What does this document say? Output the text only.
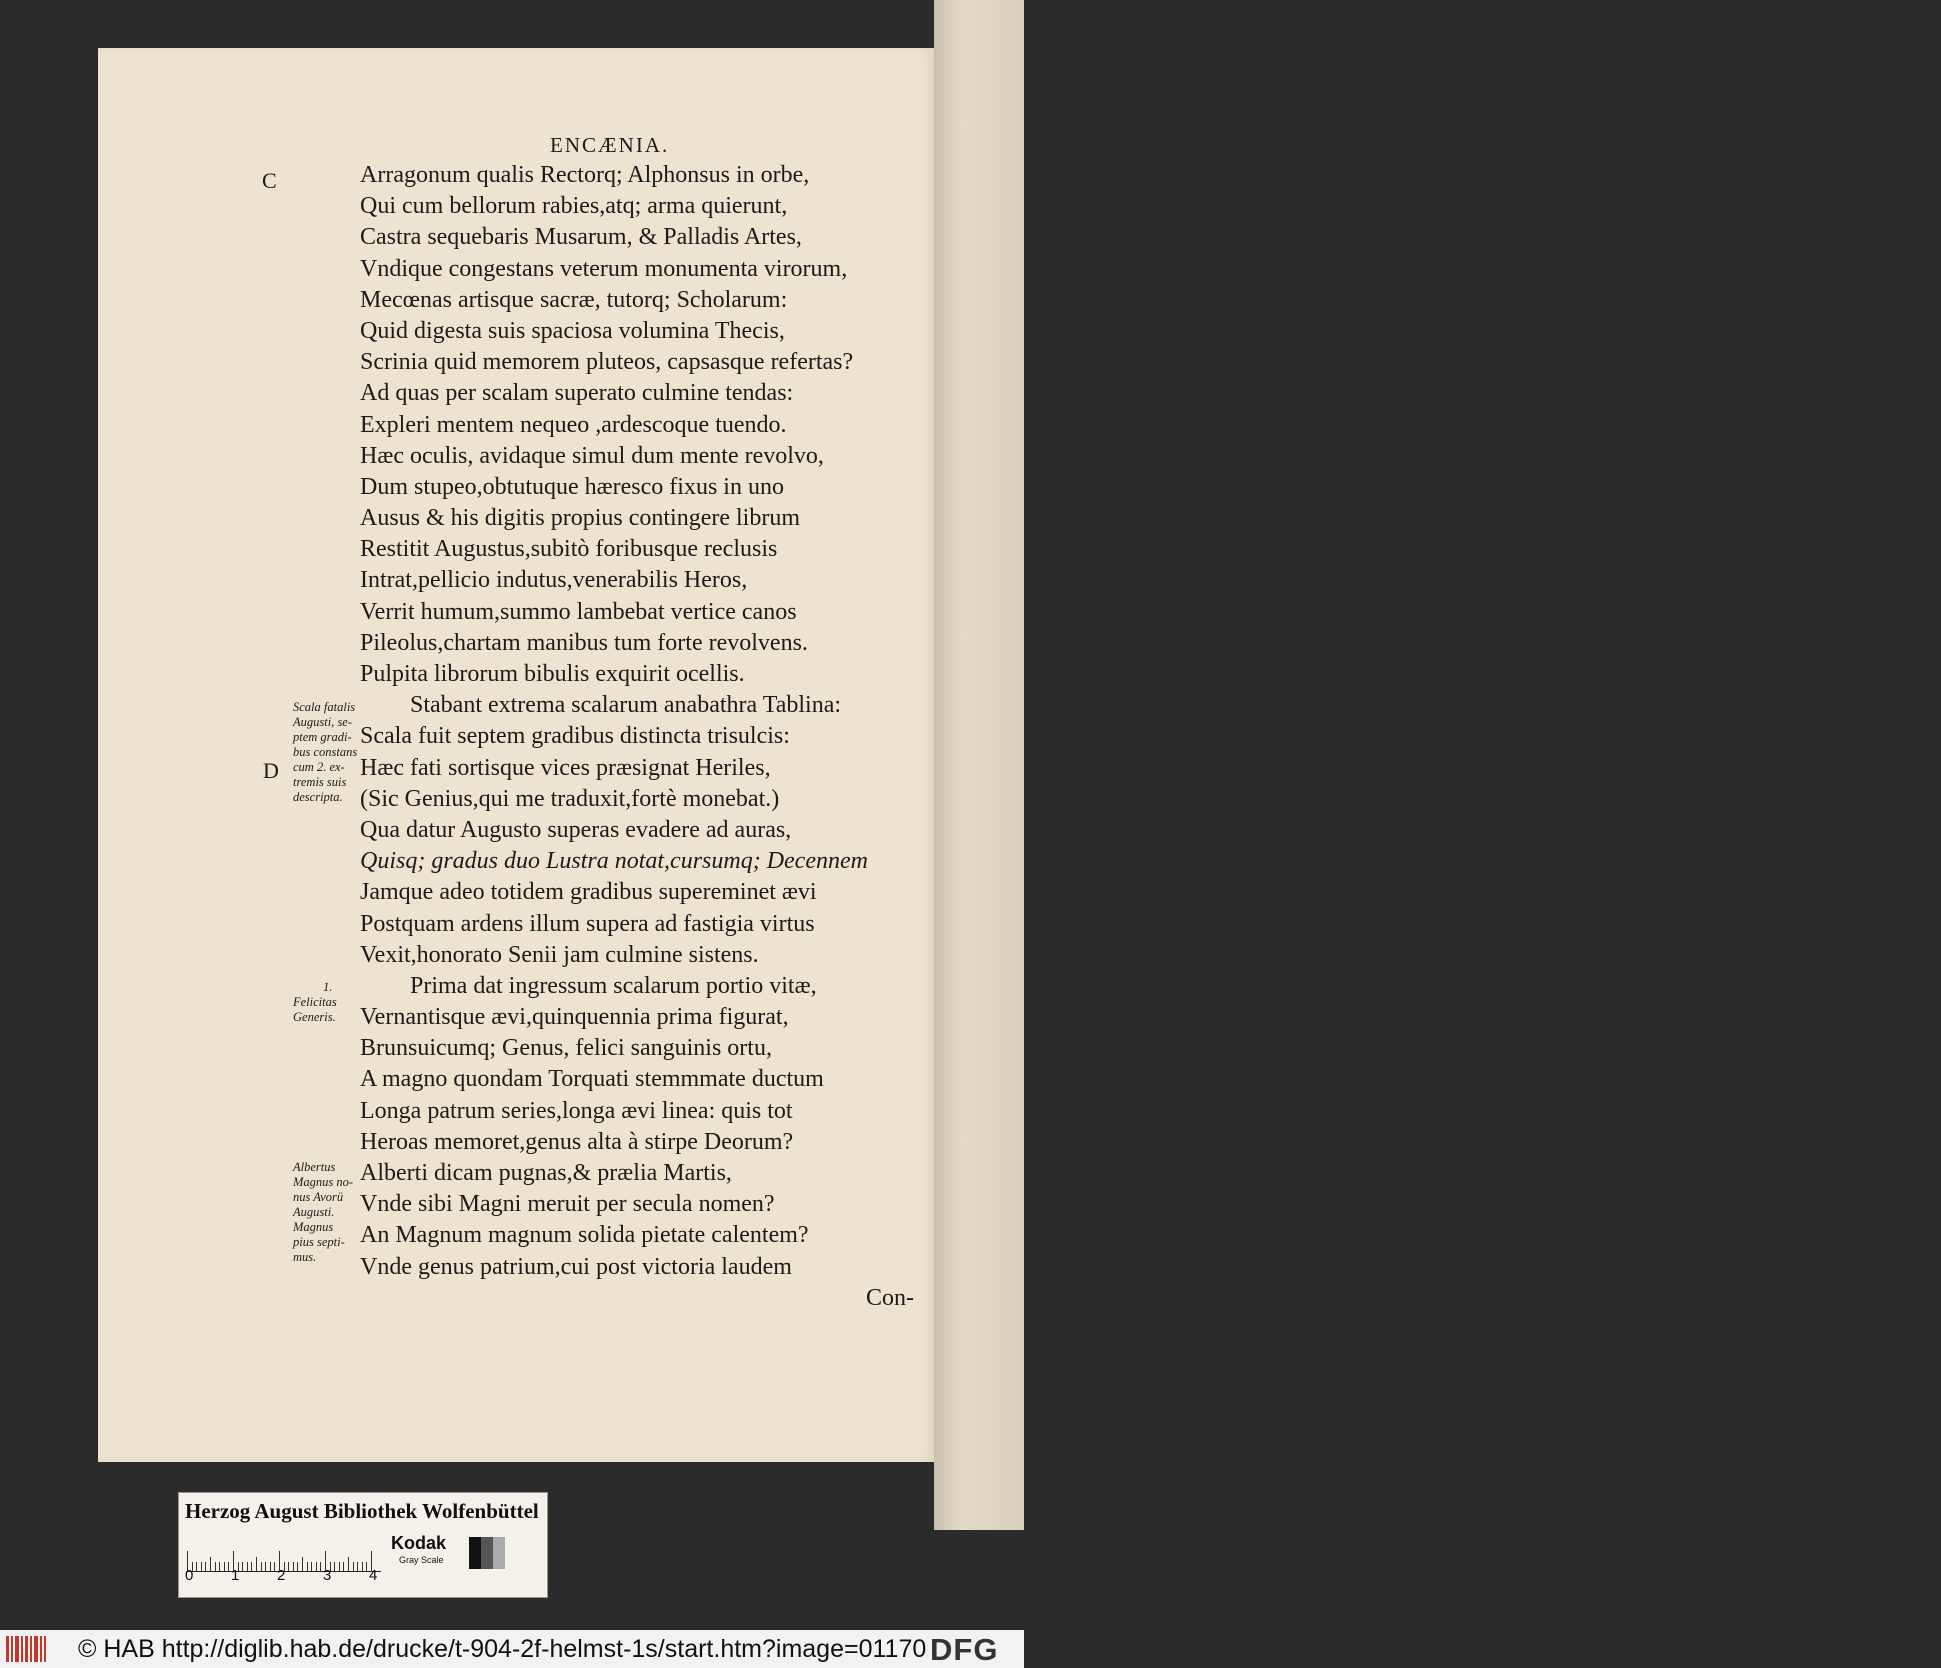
oc
rorum,
ertas?
lvo,
os
blina:
evi
ctum
m?
Con-
ENCÆNIA.
C
D
Arragonum qualis Rectorq; Alphonsus in orbe,
Qui cum bellorum rabies,atq; arma quierunt,
Castra sequebaris Musarum, & Palladis Artes,
Vndique congestans veterum monumenta virorum,
Mecœnas artisque sacræ, tutorq; Scholarum:
Quid digesta suis spaciosa volumina Thecis,
Scrinia quid memorem pluteos, capsasque refertas?
Ad quas per scalam superato culmine tendas:
Expleri mentem nequeo ,ardescoque tuendo.
Hæc oculis, avidaque simul dum mente revolvo,
Dum stupeo,obtutuque hæresco fixus in uno
Ausus & his digitis propius contingere librum
Restitit Augustus,subitò foribusque reclusis
Intrat,pellicio indutus,venerabilis Heros,
Verrit humum,summo lambebat vertice canos
Pileolus,chartam manibus tum forte revolvens.
Pulpita librorum bibulis exquirit ocellis.
Stabant extrema scalarum anabathra Tablina:
Scala fuit septem gradibus distincta trisulcis:
Hæc fati sortisque vices præsignat Heriles,
(Sic Genius,qui me traduxit,fortè monebat.)
Qua datur Augusto superas evadere ad auras,
Quisq; gradus duo Lustra notat,cursumq; Decennem
Jamque adeo totidem gradibus supereminet ævi
Postquam ardens illum supera ad fastigia virtus
Vexit,honorato Senii jam culmine sistens.
Prima dat ingressum scalarum portio vitæ,
Vernantisque ævi,quinquennia prima figurat,
Brunsuicumq; Genus, felici sanguinis ortu,
A magno quondam Torquati stemmmate ductum
Longa patrum series,longa ævi linea: quis tot
Heroas memoret,genus alta à stirpe Deorum?
Alberti dicam pugnas,& prælia Martis,
Vnde sibi Magni meruit per secula nomen?
An Magnum magnum solida pietate calentem?
Vnde genus patrium,cui post victoria laudem
Con-
Scala fatalis
Augusti, se-
ptem gradi-
bus constans
cum 2. ex-
tremis suis
descripta.
1.
Felicitas
Generis.
Albertus
Magnus no-
nus Avorü
Augusti.
Magnus
pius septi-
mus.
Herzog August Bibliothek Wolfenbüttel
0	1	2	3	4
Kodak
Gray Scale
© HAB http://diglib.hab.de/drucke/t-904-2f-helmst-1s/start.htm?image=01170 DFG
